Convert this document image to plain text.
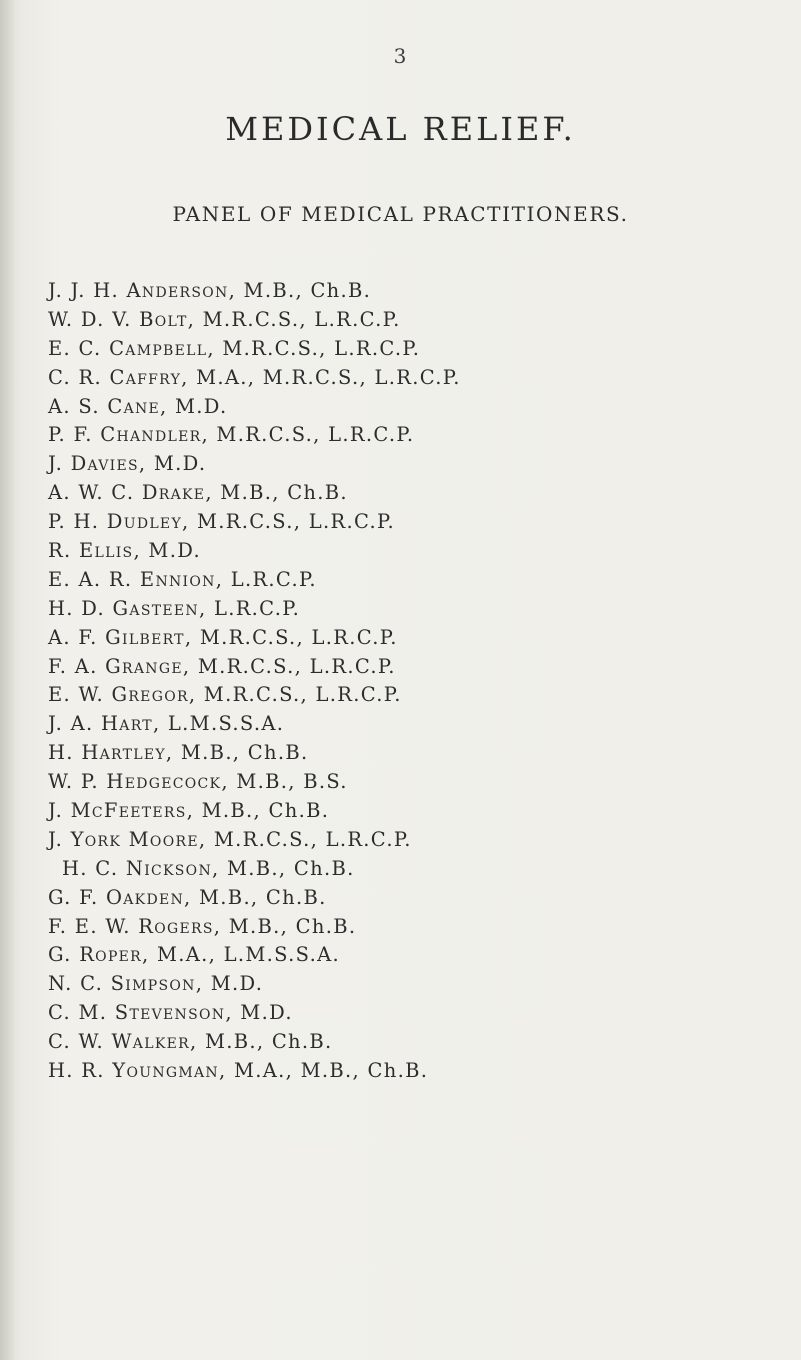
3
MEDICAL RELIEF.
PANEL OF MEDICAL PRACTITIONERS.
J. J. H. Anderson, M.B., Ch.B.
W. D. V. Bolt, M.R.C.S., L.R.C.P.
E. C. Campbell, M.R.C.S., L.R.C.P.
C. R. Caffry, M.A., M.R.C.S., L.R.C.P.
A. S. Cane, M.D.
P. F. Chandler, M.R.C.S., L.R.C.P.
J. Davies, M.D.
A. W. C. Drake, M.B., Ch.B.
P. H. Dudley, M.R.C.S., L.R.C.P.
R. Ellis, M.D.
E. A. R. Ennion, L.R.C.P.
H. D. Gasteen, L.R.C.P.
A. F. Gilbert, M.R.C.S., L.R.C.P.
F. A. Grange, M.R.C.S., L.R.C.P.
E. W. Gregor, M.R.C.S., L.R.C.P.
J. A. Hart, L.M.S.S.A.
H. Hartley, M.B., Ch.B.
W. P. Hedgecock, M.B., B.S.
J. McFeeters, M.B., Ch.B.
J. York Moore, M.R.C.S., L.R.C.P.
H. C. Nickson, M.B., Ch.B.
G. F. Oakden, M.B., Ch.B.
F. E. W. Rogers, M.B., Ch.B.
G. Roper, M.A., L.M.S.S.A.
N. C. Simpson, M.D.
C. M. Stevenson, M.D.
C. W. Walker, M.B., Ch.B.
H. R. Youngman, M.A., M.B., Ch.B.
